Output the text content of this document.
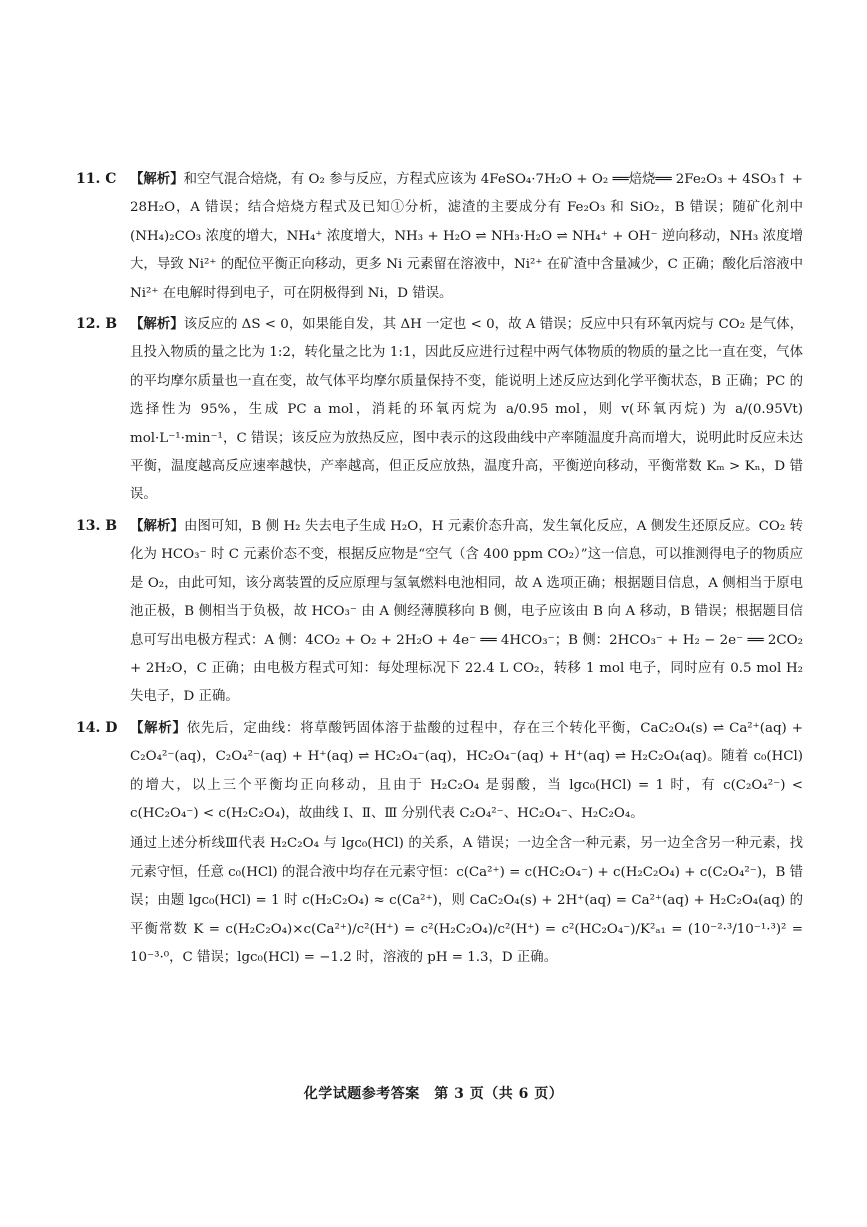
11. C	【解析】和空气混合焙烧，有 O₂ 参与反应，方程式应该为 4FeSO₄·7H₂O + O₂ ══焙烧══ 2Fe₂O₃ + 4SO₃↑ + 28H₂O，A 错误；结合焙烧方程式及已知①分析，滤渣的主要成分有 Fe₂O₃ 和 SiO₂，B 错误；随矿化剂中 (NH₄)₂CO₃ 浓度的增大，NH₄⁺ 浓度增大，NH₃ + H₂O ⇌ NH₃·H₂O ⇌ NH₄⁺ + OH⁻ 逆向移动，NH₃ 浓度增大，导致 Ni²⁺ 的配位平衡正向移动，更多 Ni 元素留在溶液中，Ni²⁺ 在矿渣中含量减少，C 正确；酸化后溶液中 Ni²⁺ 在电解时得到电子，可在阴极得到 Ni，D 错误。

12. B 【解析】该反应的 ΔS < 0，如果能自发，其 ΔH 一定也 < 0，故 A 错误；反应中只有环氧丙烷与 CO₂ 是气体，且投入物质的量之比为 1:2，转化量之比为 1:1，因此反应进行过程中两气体物质的物质的量之比一直在变，气体的平均摩尔质量也一直在变，故气体平均摩尔质量保持不变，能说明上述反应达到化学平衡状态，B 正确；PC 的选择性为 95%，生成 PC a mol，消耗的环氧丙烷为 a/0.95 mol，则 v(环氧丙烷) 为 a/(0.95Vt) mol·L⁻¹·min⁻¹，C 错误；该反应为放热反应，图中表示的这段曲线中产率随温度升高而增大，说明此时反应未达平衡，温度越高反应速率越快，产率越高，但正反应放热，温度升高，平衡逆向移动，平衡常数 Kₘ > Kₙ，D 错误。

13. B 【解析】由图可知，B 侧 H₂ 失去电子生成 H₂O，H 元素价态升高，发生氧化反应，A 侧发生还原反应。CO₂ 转化为 HCO₃⁻ 时 C 元素价态不变，根据反应物是“空气（含 400 ppm CO₂）”这一信息，可以推测得电子的物质应是 O₂，由此可知，该分离装置的反应原理与氢氧燃料电池相同，故 A 选项正确；根据题目信息，A 侧相当于原电池正极，B 侧相当于负极，故 HCO₃⁻ 由 A 侧经薄膜移向 B 侧，电子应该由 B 向 A 移动，B 错误；根据题目信息可写出电极方程式：A 侧：4CO₂ + O₂ + 2H₂O + 4e⁻ ══ 4HCO₃⁻；B 侧：2HCO₃⁻ + H₂ − 2e⁻ ══ 2CO₂ + 2H₂O，C 正确；由电极方程式可知：每处理标况下 22.4 L CO₂，转移 1 mol 电子，同时应有 0.5 mol H₂ 失电子，D 正确。

14. D 【解析】依先后，定曲线：将草酸钙固体溶于盐酸的过程中，存在三个转化平衡，CaC₂O₄(s) ⇌ Ca²⁺(aq) + C₂O₄²⁻(aq)，C₂O₄²⁻(aq) + H⁺(aq) ⇌ HC₂O₄⁻(aq)，HC₂O₄⁻(aq) + H⁺(aq) ⇌ H₂C₂O₄(aq)。随着 c₀(HCl) 的增大，以上三个平衡均正向移动，且由于 H₂C₂O₄ 是弱酸，当 lgc₀(HCl) = 1 时，有 c(C₂O₄²⁻) < c(HC₂O₄⁻) < c(H₂C₂O₄)，故曲线 Ⅰ、Ⅱ、Ⅲ 分别代表 C₂O₄²⁻、HC₂O₄⁻、H₂C₂O₄。

通过上述分析线Ⅲ代表 H₂C₂O₄ 与 lgc₀(HCl) 的关系，A 错误；一边全含一种元素，另一边全含另一种元素，找元素守恒，任意 c₀(HCl) 的混合液中均存在元素守恒：c(Ca²⁺) = c(HC₂O₄⁻) + c(H₂C₂O₄) + c(C₂O₄²⁻)，B 错误；由题 lgc₀(HCl) = 1 时 c(H₂C₂O₄) ≈ c(Ca²⁺)，则 CaC₂O₄(s) + 2H⁺(aq) = Ca²⁺(aq) + H₂C₂O₄(aq) 的平衡常数 K = c(H₂C₂O₄)×c(Ca²⁺)/c²(H⁺) = c²(H₂C₂O₄)/c²(H⁺) = c²(HC₂O₄⁻)/K²ₐ₁ = (10⁻²·³/10⁻¹·³)² = 10⁻³·⁰，C 错误；lgc₀(HCl) = −1.2 时，溶液的 pH = 1.3，D 正确。

化学试题参考答案　第 3 页（共 6 页）
